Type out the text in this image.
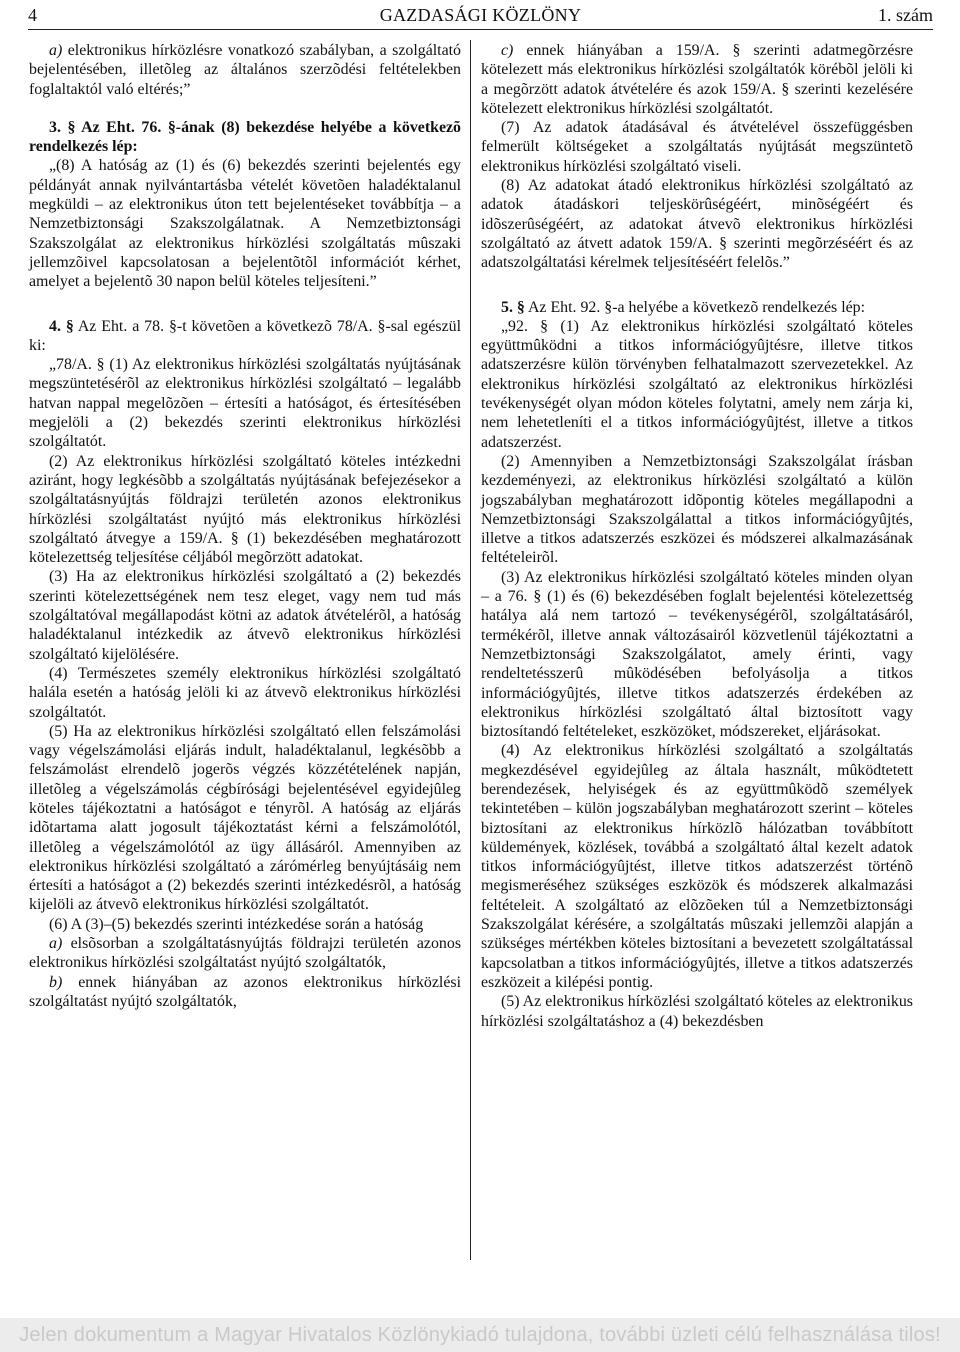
4	GAZDASÁGI KÖZLÖNY	1. szám

a) elektronikus hírközlésre vonatkozó szabályban, a szolgáltató bejelentésében, illetõleg az általános szerzõdési feltételekben foglaltaktól való eltérés;”

3. § Az Eht. 76. §-ának (8) bekezdése helyébe a következõ rendelkezés lép:

„(8) A hatóság az (1) és (6) bekezdés szerinti bejelentés egy példányát annak nyilvántartásba vételét követõen haladéktalanul megküldi – az elektronikus úton tett bejelentéseket továbbítja – a Nemzetbiztonsági Szakszolgálatnak. A Nemzetbiztonsági Szakszolgálat az elektronikus hírközlési szolgáltatás mûszaki jellemzõivel kapcsolatosan a bejelentõtõl információt kérhet, amelyet a bejelentõ 30 napon belül köteles teljesíteni.”

4. § Az Eht. a 78. §-t követõen a következõ 78/A. §-sal egészül ki:

„78/A. § (1) Az elektronikus hírközlési szolgáltatás nyújtásának megszüntetésérõl az elektronikus hírközlési szolgáltató – legalább hatvan nappal megelõzõen – értesíti a hatóságot, és értesítésében megjelöli a (2) bekezdés szerinti elektronikus hírközlési szolgáltatót.

(2) Az elektronikus hírközlési szolgáltató köteles intézkedni aziránt, hogy legkésõbb a szolgáltatás nyújtásának befejezésekor a szolgáltatásnyújtás földrajzi területén azonos elektronikus hírközlési szolgáltatást nyújtó más elektronikus hírközlési szolgáltató átvegye a 159/A. § (1) bekezdésében meghatározott kötelezettség teljesítése céljából megõrzött adatokat.

(3) Ha az elektronikus hírközlési szolgáltató a (2) bekezdés szerinti kötelezettségének nem tesz eleget, vagy nem tud más szolgáltatóval megállapodást kötni az adatok átvételérõl, a hatóság haladéktalanul intézkedik az átvevõ elektronikus hírközlési szolgáltató kijelölésére.

(4) Természetes személy elektronikus hírközlési szolgáltató halála esetén a hatóság jelöli ki az átvevõ elektronikus hírközlési szolgáltatót.

(5) Ha az elektronikus hírközlési szolgáltató ellen felszámolási vagy végelszámolási eljárás indult, haladéktalanul, legkésõbb a felszámolást elrendelõ jogerõs végzés közzétételének napján, illetõleg a végelszámolás cégbírósági bejelentésével egyidejûleg köteles tájékoztatni a hatóságot e tényrõl. A hatóság az eljárás idõtartama alatt jogosult tájékoztatást kérni a felszámolótól, illetõleg a végelszámolótól az ügy állásáról. Amennyiben az elektronikus hírközlési szolgáltató a zárómérleg benyújtásáig nem értesíti a hatóságot a (2) bekezdés szerinti intézkedésrõl, a hatóság kijelöli az átvevõ elektronikus hírközlési szolgáltatót.

(6) A (3)–(5) bekezdés szerinti intézkedése során a hatóság

a) elsõsorban a szolgáltatásnyújtás földrajzi területén azonos elektronikus hírközlési szolgáltatást nyújtó szolgáltatók,

b) ennek hiányában az azonos elektronikus hírközlési szolgáltatást nyújtó szolgáltatók,

c) ennek hiányában a 159/A. § szerinti adatmegõrzésre kötelezett más elektronikus hírközlési szolgáltatók körébõl jelöli ki a megõrzött adatok átvételére és azok 159/A. § szerinti kezelésére kötelezett elektronikus hírközlési szolgáltatót.

(7) Az adatok átadásával és átvételével összefüggésben felmerült költségeket a szolgáltatás nyújtását megszüntetõ elektronikus hírközlési szolgáltató viseli.

(8) Az adatokat átadó elektronikus hírközlési szolgáltató az adatok átadáskori teljeskörûségéért, minõségéért és idõszerûségéért, az adatokat átvevõ elektronikus hírközlési szolgáltató az átvett adatok 159/A. § szerinti megõrzéséért és az adatszolgáltatási kérelmek teljesítéséért felelõs.”

5. § Az Eht. 92. §-a helyébe a következõ rendelkezés lép:

„92. § (1) Az elektronikus hírközlési szolgáltató köteles együttmûködni a titkos információgyûjtésre, illetve titkos adatszerzésre külön törvényben felhatalmazott szervezetekkel. Az elektronikus hírközlési szolgáltató az elektronikus hírközlési tevékenységét olyan módon köteles folytatni, amely nem zárja ki, nem lehetetleníti el a titkos információgyûjtést, illetve a titkos adatszerzést.

(2) Amennyiben a Nemzetbiztonsági Szakszolgálat írásban kezdeményezi, az elektronikus hírközlési szolgáltató a külön jogszabályban meghatározott idõpontig köteles megállapodni a Nemzetbiztonsági Szakszolgálattal a titkos információgyûjtés, illetve a titkos adatszerzés eszközei és módszerei alkalmazásának feltételeirõl.

(3) Az elektronikus hírközlési szolgáltató köteles minden olyan – a 76. § (1) és (6) bekezdésében foglalt bejelentési kötelezettség hatálya alá nem tartozó – tevékenységérõl, szolgáltatásáról, termékérõl, illetve annak változásairól közvetlenül tájékoztatni a Nemzetbiztonsági Szakszolgálatot, amely érinti, vagy rendeltetésszerû mûködésében befolyásolja a titkos információgyûjtés, illetve titkos adatszerzés érdekében az elektronikus hírközlési szolgáltató által biztosított vagy biztosítandó feltételeket, eszközöket, módszereket, eljárásokat.

(4) Az elektronikus hírközlési szolgáltató a szolgáltatás megkezdésével egyidejûleg az általa használt, mûködtetett berendezések, helyiségek és az együttmûködõ személyek tekintetében – külön jogszabályban meghatározott szerint – köteles biztosítani az elektronikus hírközlõ hálózatban továbbított küldemények, közlések, továbbá a szolgáltató által kezelt adatok titkos információgyûjtést, illetve titkos adatszerzést történõ megismeréséhez szükséges eszközök és módszerek alkalmazási feltételeit. A szolgáltató az elõzõeken túl a Nemzetbiztonsági Szakszolgálat kérésére, a szolgáltatás mûszaki jellemzõi alapján a szükséges mértékben köteles biztosítani a bevezetett szolgáltatással kapcsolatban a titkos információgyûjtés, illetve a titkos adatszerzés eszközeit a kilépési pontig.

(5) Az elektronikus hírközlési szolgáltató köteles az elektronikus hírközlési szolgáltatáshoz a (4) bekezdésben

Jelen dokumentum a Magyar Hivatalos Közlönykiadó tulajdona, további üzleti célú felhasználása tilos!
